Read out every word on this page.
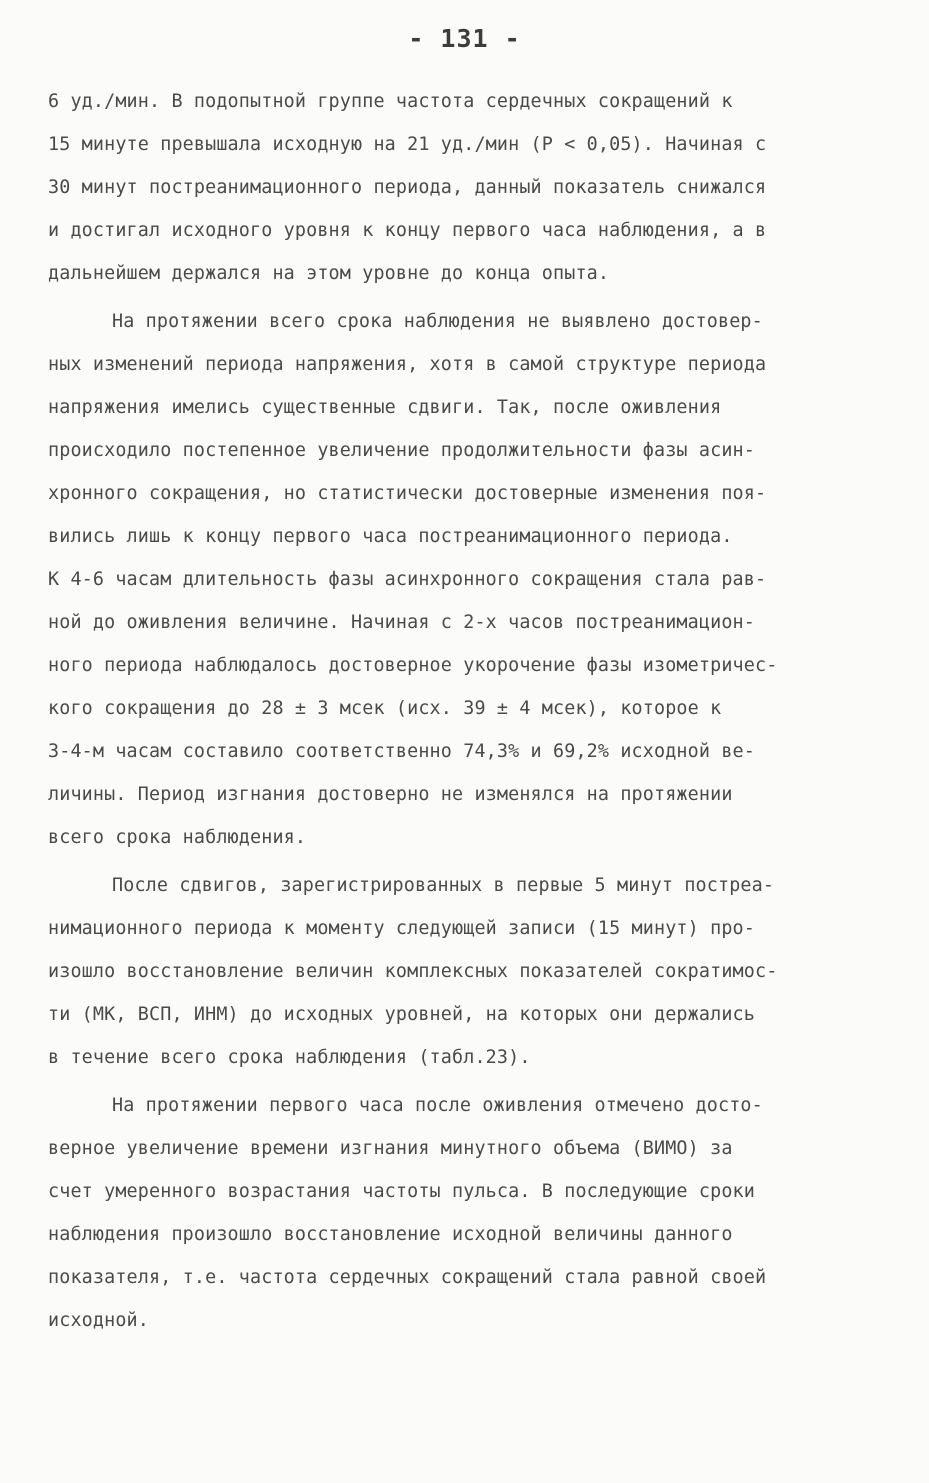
- 131 -
6 уд./мин. В подопытной группе частота сердечных сокращений к
15 минуте превышала исходную на 21 уд./мин (Р < 0,05). Начиная с
30 минут постреанимационного периода, данный показатель снижался
и достигал исходного уровня к концу первого часа наблюдения, а в
дальнейшем держался на этом уровне до конца опыта.
На протяжении всего срока наблюдения не выявлено достовер-
ных изменений периода напряжения, хотя в самой структуре периода
напряжения имелись существенные сдвиги. Так, после оживления
происходило постепенное увеличение продолжительности фазы асин-
хронного сокращения, но статистически достоверные изменения поя-
вились лишь к концу первого часа постреанимационного периода.
К 4-6 часам длительность фазы асинхронного сокращения стала рав-
ной до оживления величине. Начиная с 2-х часов постреанимацион-
ного периода наблюдалось достоверное укорочение фазы изометричес-
кого сокращения до 28 ± 3 мсек (исх. 39 ± 4 мсек), которое к
3-4-м часам составило соответственно 74,3% и 69,2% исходной ве-
личины. Период изгнания достоверно не изменялся на протяжении
всего срока наблюдения.
После сдвигов, зарегистрированных в первые 5 минут постреа-
нимационного периода к моменту следующей записи (15 минут) про-
изошло восстановление величин комплексных показателей сократимос-
ти (МК, ВСП, ИНМ) до исходных уровней, на которых они держались
в течение всего срока наблюдения (табл.23).
На протяжении первого часа после оживления отмечено досто-
верное увеличение времени изгнания минутного объема (ВИМО) за
счет умеренного возрастания частоты пульса. В последующие сроки
наблюдения произошло восстановление исходной величины данного
показателя, т.е. частота сердечных сокращений стала равной своей
исходной.
